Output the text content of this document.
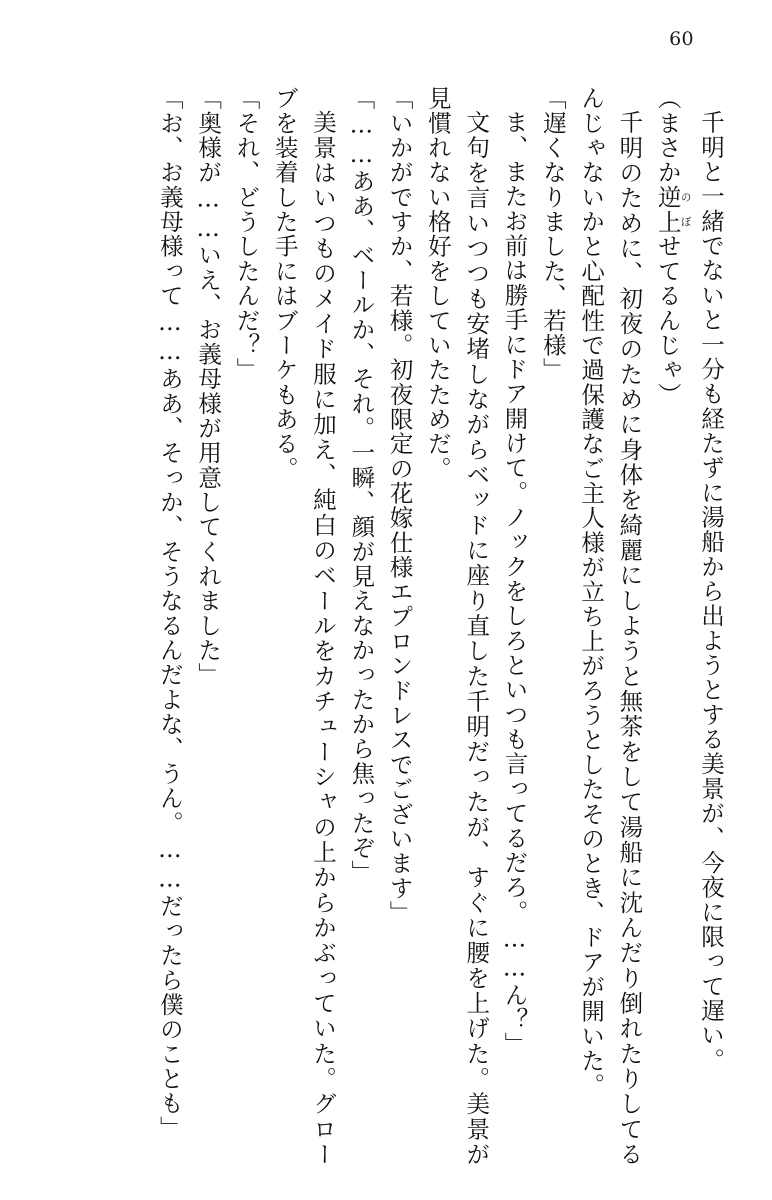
60

千明と一緒でないと一分も経たずに湯船から出ようとする美景が、今夜に限って遅い。

（まさか逆上のぼせてるんじゃ）

千明のために、初夜のために身体を綺麗にしようと無茶をして湯船に沈んだり倒れたりしてるんじゃないかと心配性で過保護なご主人様が立ち上がろうとしたそのとき、ドアが開いた。

「遅くなりました、若様」

ま、またお前は勝手にドア開けて。ノックをしろといつも言ってるだろ。……ん？」

文句を言いつつも安堵しながらベッドに座り直した千明だったが、すぐに腰を上げた。美景が見慣れない格好をしていたためだ。

「いかがですか、若様。初夜限定の花嫁仕様エプロンドレスでございます」

「……ああ、ベールか、それ。一瞬、顔が見えなかったから焦ったぞ」

美景はいつものメイド服に加え、純白のベールをカチューシャの上からかぶっていた。グローブを装着した手にはブーケもある。

「それ、どうしたんだ？」

「奥様が……いえ、お義母様が用意してくれました」

「お、お義母様って……ああ、そっか、そうなるんだよな、うん。……だったら僕のことも」
